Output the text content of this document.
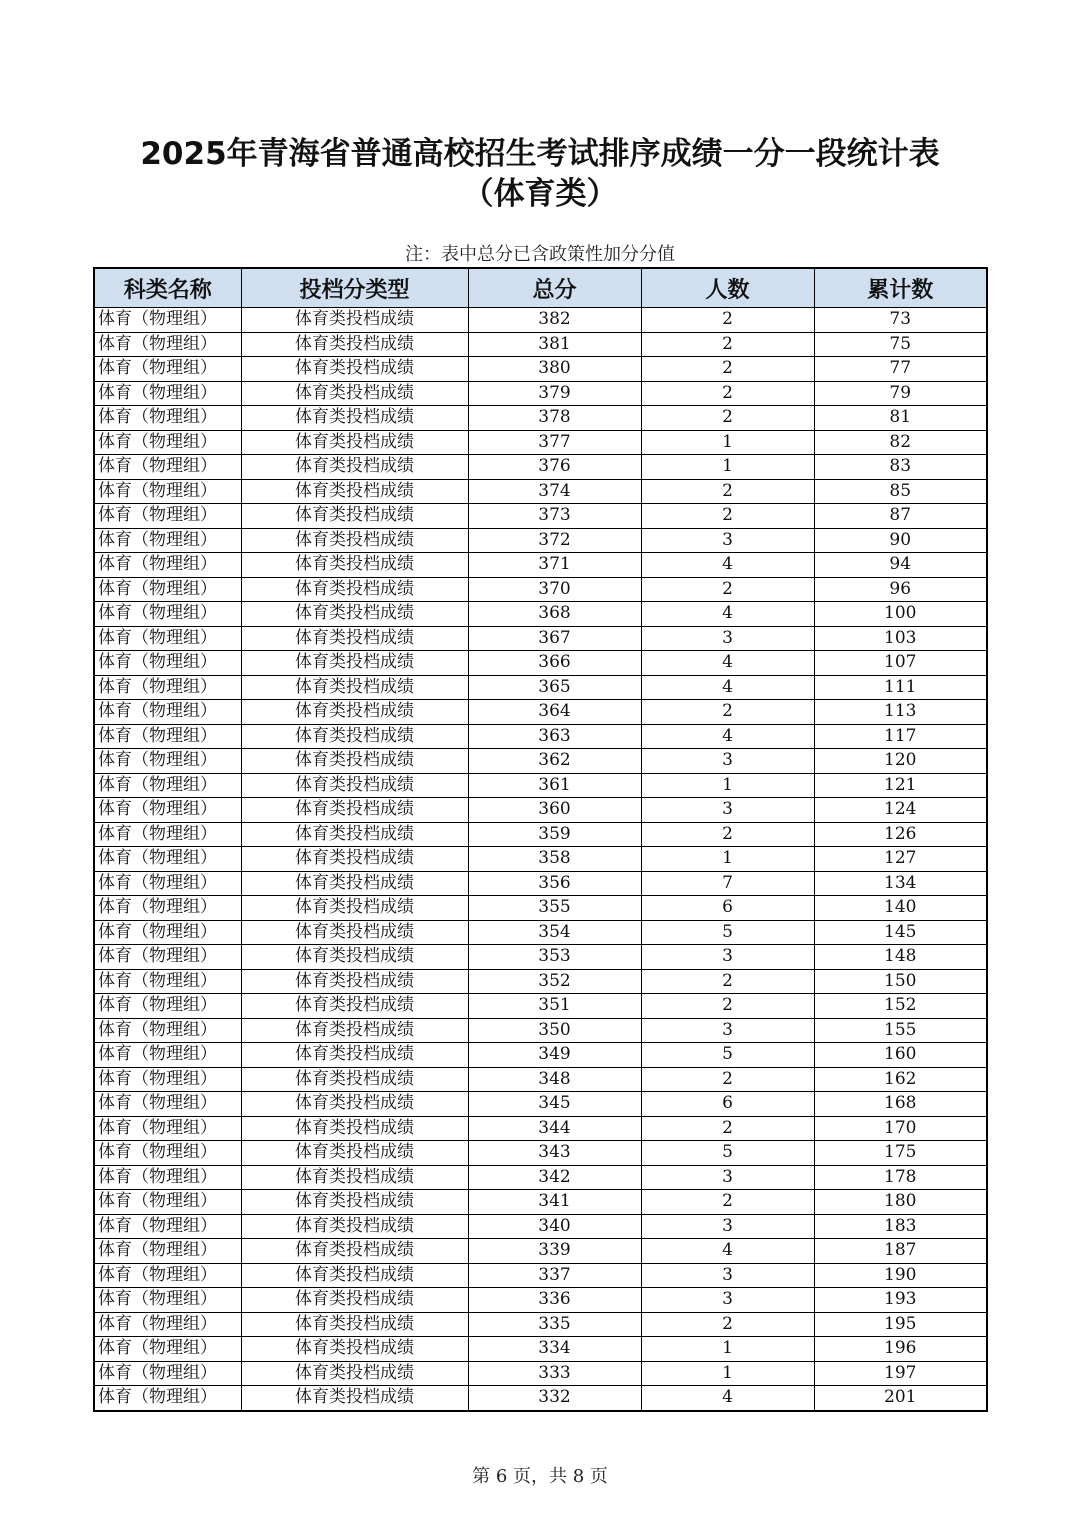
2025年青海省普通高校招生考试排序成绩一分一段统计表
（体育类）
注：表中总分已含政策性加分分值
科类名称	投档分类型	总分	人数	累计数
体育（物理组）	体育类投档成绩	382	2	73
体育（物理组）	体育类投档成绩	381	2	75
体育（物理组）	体育类投档成绩	380	2	77
体育（物理组）	体育类投档成绩	379	2	79
体育（物理组）	体育类投档成绩	378	2	81
体育（物理组）	体育类投档成绩	377	1	82
体育（物理组）	体育类投档成绩	376	1	83
体育（物理组）	体育类投档成绩	374	2	85
体育（物理组）	体育类投档成绩	373	2	87
体育（物理组）	体育类投档成绩	372	3	90
体育（物理组）	体育类投档成绩	371	4	94
体育（物理组）	体育类投档成绩	370	2	96
体育（物理组）	体育类投档成绩	368	4	100
体育（物理组）	体育类投档成绩	367	3	103
体育（物理组）	体育类投档成绩	366	4	107
体育（物理组）	体育类投档成绩	365	4	111
体育（物理组）	体育类投档成绩	364	2	113
体育（物理组）	体育类投档成绩	363	4	117
体育（物理组）	体育类投档成绩	362	3	120
体育（物理组）	体育类投档成绩	361	1	121
体育（物理组）	体育类投档成绩	360	3	124
体育（物理组）	体育类投档成绩	359	2	126
体育（物理组）	体育类投档成绩	358	1	127
体育（物理组）	体育类投档成绩	356	7	134
体育（物理组）	体育类投档成绩	355	6	140
体育（物理组）	体育类投档成绩	354	5	145
体育（物理组）	体育类投档成绩	353	3	148
体育（物理组）	体育类投档成绩	352	2	150
体育（物理组）	体育类投档成绩	351	2	152
体育（物理组）	体育类投档成绩	350	3	155
体育（物理组）	体育类投档成绩	349	5	160
体育（物理组）	体育类投档成绩	348	2	162
体育（物理组）	体育类投档成绩	345	6	168
体育（物理组）	体育类投档成绩	344	2	170
体育（物理组）	体育类投档成绩	343	5	175
体育（物理组）	体育类投档成绩	342	3	178
体育（物理组）	体育类投档成绩	341	2	180
体育（物理组）	体育类投档成绩	340	3	183
体育（物理组）	体育类投档成绩	339	4	187
体育（物理组）	体育类投档成绩	337	3	190
体育（物理组）	体育类投档成绩	336	3	193
体育（物理组）	体育类投档成绩	335	2	195
体育（物理组）	体育类投档成绩	334	1	196
体育（物理组）	体育类投档成绩	333	1	197
体育（物理组）	体育类投档成绩	332	4	201
第 6 页，共 8 页
